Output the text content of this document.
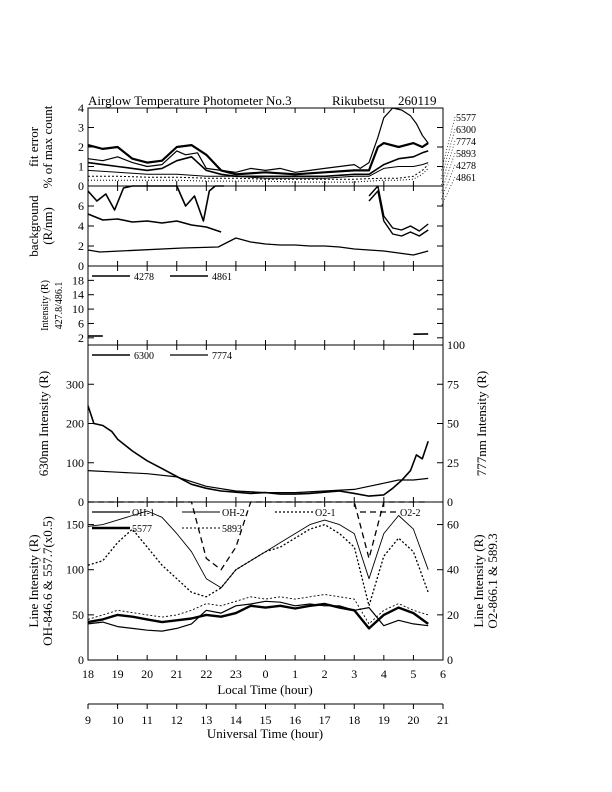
Airglow Temperature Photometer No.3	Rikubetsu 260119
0
1
2
3
4
fit error % of max count	5577
6300
7774
5893
4278
4861
0
2
4
6
background (R/nm)
2
6
10
14
18
Intensity (R) 427.8/486.1
4278	4861
0
100
200
300
0
25
50
75
100
630nm Intensity (R)	777nm Intensity (R)
6300	7774
0
50
100
150
0
20
40
60
Line Intensity (R) OH-846.6 & 557.7(x0.5)	Line Intensity (R) O2-866.1 & 589.3
OH-1	OH-2	O2-1	O2-2
5577	5893
18 19 20 21 22 23 0 1 2 3 4 5 6
Local Time (hour)
9 10 11 12 13 14 15 16 17 18 19 20 21
Universal Time (hour)
